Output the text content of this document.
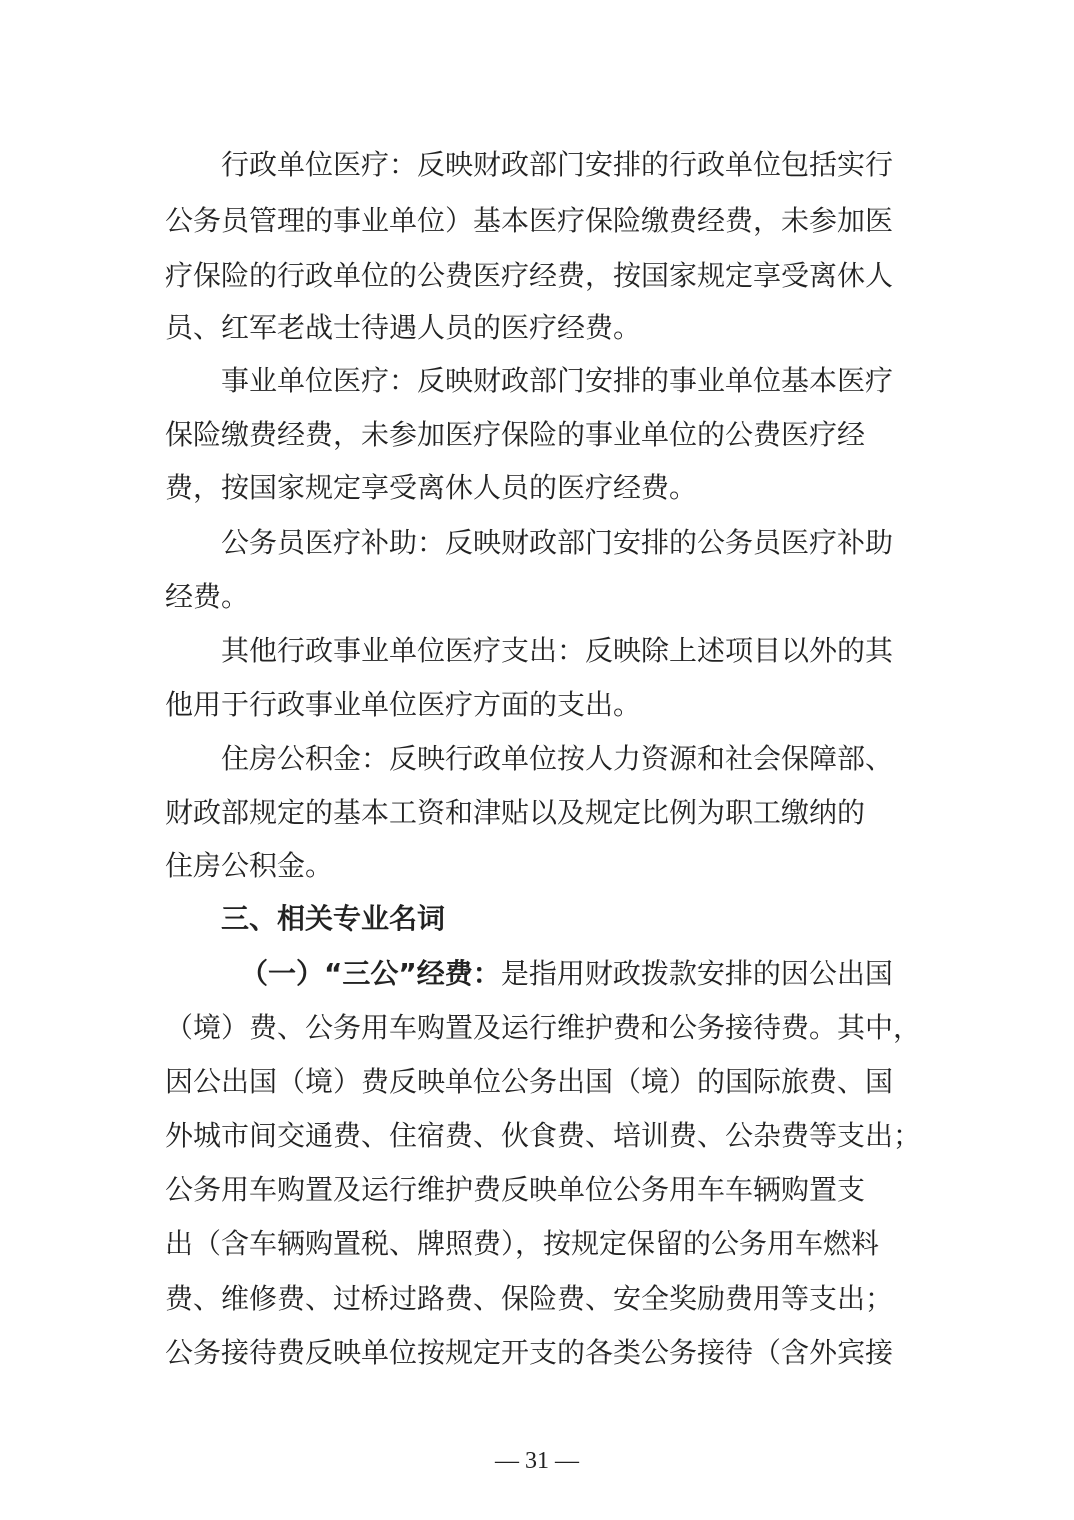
行政单位医疗：反映财政部门安排的行政单位包括实行
公务员管理的事业单位）基本医疗保险缴费经费，未参加医
疗保险的行政单位的公费医疗经费，按国家规定享受离休人
员、红军老战士待遇人员的医疗经费。
事业单位医疗：反映财政部门安排的事业单位基本医疗
保险缴费经费，未参加医疗保险的事业单位的公费医疗经
费，按国家规定享受离休人员的医疗经费。
公务员医疗补助：反映财政部门安排的公务员医疗补助
经费。
其他行政事业单位医疗支出：反映除上述项目以外的其
他用于行政事业单位医疗方面的支出。
住房公积金：反映行政单位按人力资源和社会保障部、
财政部规定的基本工资和津贴以及规定比例为职工缴纳的
住房公积金。
三、相关专业名词
（一）“三公”经费：是指用财政拨款安排的因公出国
（境）费、公务用车购置及运行维护费和公务接待费。其中，
因公出国（境）费反映单位公务出国（境）的国际旅费、国
外城市间交通费、住宿费、伙食费、培训费、公杂费等支出；
公务用车购置及运行维护费反映单位公务用车车辆购置支
出（含车辆购置税、牌照费），按规定保留的公务用车燃料
费、维修费、过桥过路费、保险费、安全奖励费用等支出；
公务接待费反映单位按规定开支的各类公务接待（含外宾接
— 31 —
